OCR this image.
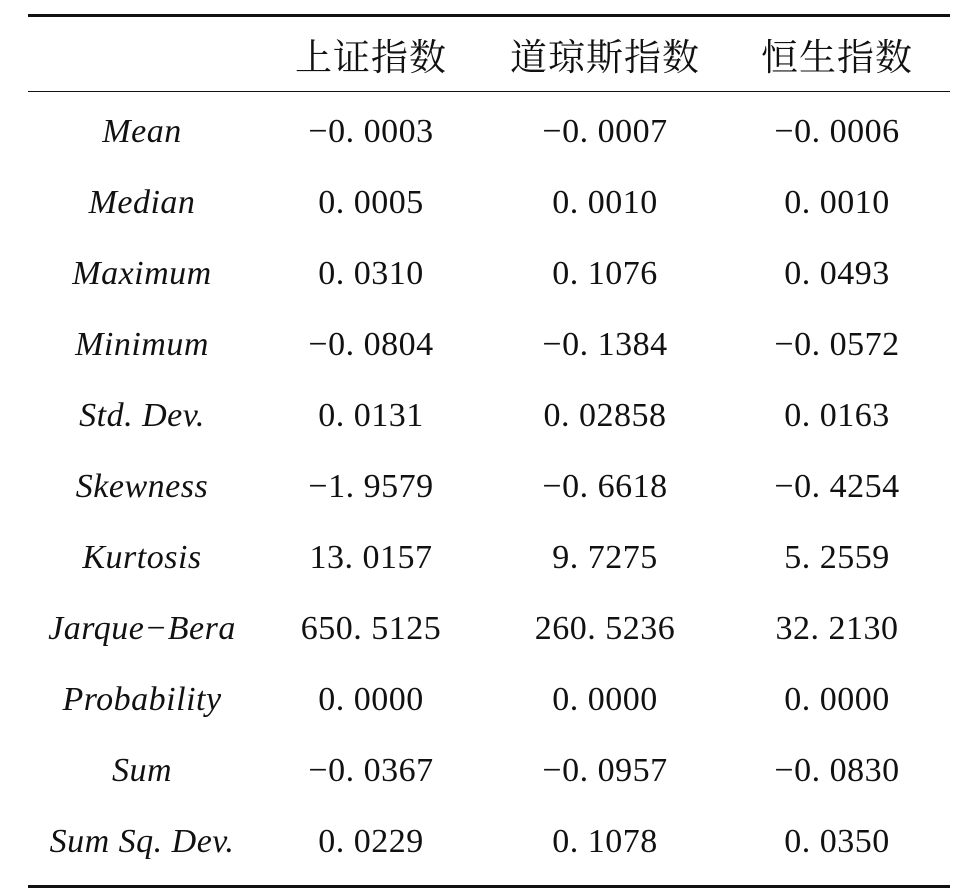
	上证指数	道琼斯指数	恒生指数
Mean	−0. 0003	−0. 0007	−0. 0006
Median	0. 0005	0. 0010	0. 0010
Maximum	0. 0310	0. 1076	0. 0493
Minimum	−0. 0804	−0. 1384	−0. 0572
Std. Dev.	0. 0131	0. 02858	0. 0163
Skewness	−1. 9579	−0. 6618	−0. 4254
Kurtosis	13. 0157	9. 7275	5. 2559
Jarque−Bera	650. 5125	260. 5236	32. 2130
Probability	0. 0000	0. 0000	0. 0000
Sum	−0. 0367	−0. 0957	−0. 0830
Sum Sq. Dev.	0. 0229	0. 1078	0. 0350
